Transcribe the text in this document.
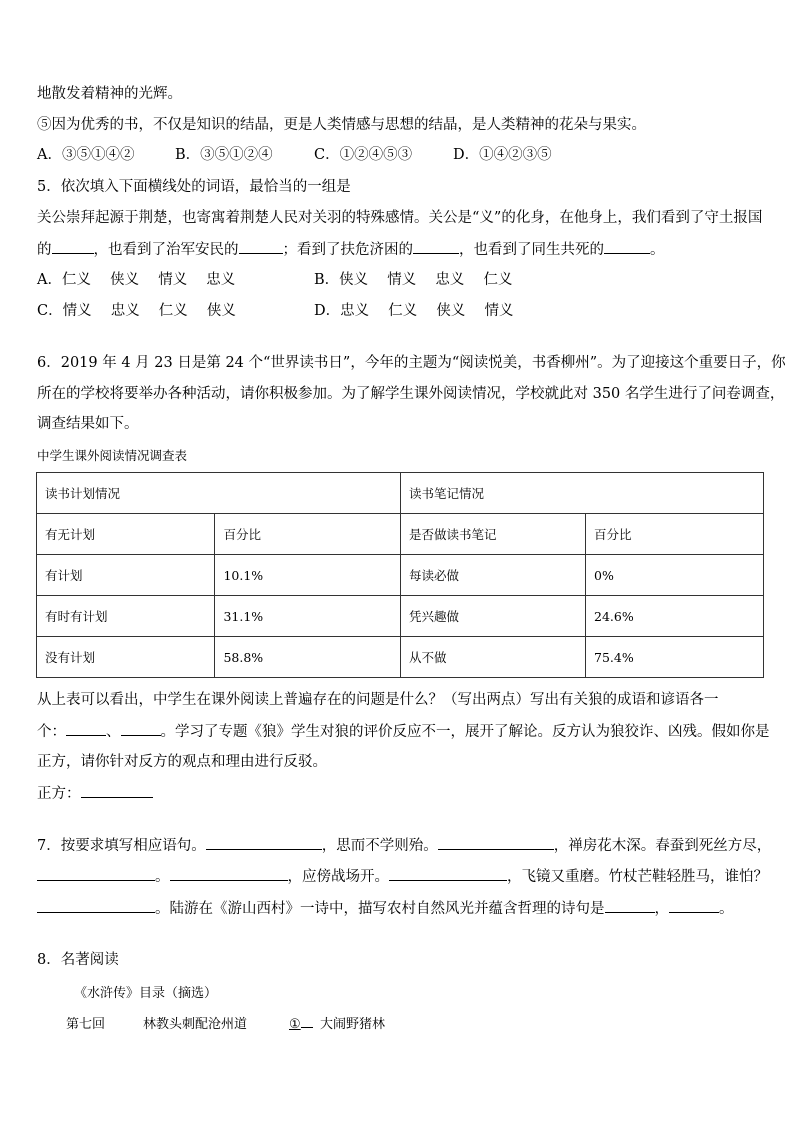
地散发着精神的光辉。
⑤因为优秀的书，不仅是知识的结晶，更是人类情感与思想的结晶，是人类精神的花朵与果实。
A．③⑤①④②	B．③⑤①②④	C．①②④⑤③	D．①④②③⑤
5．依次填入下面横线处的词语，最恰当的一组是
关公崇拜起源于荆楚，也寄寓着荆楚人民对关羽的特殊感情。关公是“义”的化身，在他身上，我们看到了守土报国
的	，也看到了治军安民的	；看到了扶危济困的	，也看到了同生共死的	。
A．仁义　 侠义　 情义　 忠义	B．侠义　 情义　 忠义　 仁义
C．情义　 忠义　 仁义　 侠义	D．忠义　 仁义　 侠义　 情义
6．2019 年 4 月 23 日是第 24 个“世界读书日”，今年的主题为“阅读悦美，书香柳州”。为了迎接这个重要日子，你
所在的学校将要举办各种活动，请你积极参加。为了解学生课外阅读情况，学校就此对 350 名学生进行了问卷调查，
调查结果如下。
中学生课外阅读情况调查表
读书计划情况		读书笔记情况	
有无计划	百分比	是否做读书笔记	百分比
有计划	10.1%	每读必做	0%
有时有计划	31.1%	凭兴趣做	24.6%
没有计划	58.8%	从不做	75.4%
从上表可以看出，中学生在课外阅读上普遍存在的问题是什么？（写出两点）写出有关狼的成语和谚语各一
个：	、	。学习了专题《狼》学生对狼的评价反应不一，展开了解论。反方认为狼狡诈、凶残。假如你是
正方，请你针对反方的观点和理由进行反驳。
正方：
7．按要求填写相应语句。	，思而不学则殆。	，禅房花木深。春蚕到死丝方尽，
。	，应傍战场开。	，飞镜又重磨。竹杖芒鞋轻胜马，谁怕？
。陆游在《游山西村》一诗中，描写农村自然风光并蕴含哲理的诗句是	，	。
8．名著阅读
《水浒传》目录（摘选）
第七回	林教头刺配沧州道	①	大闹野猪林
